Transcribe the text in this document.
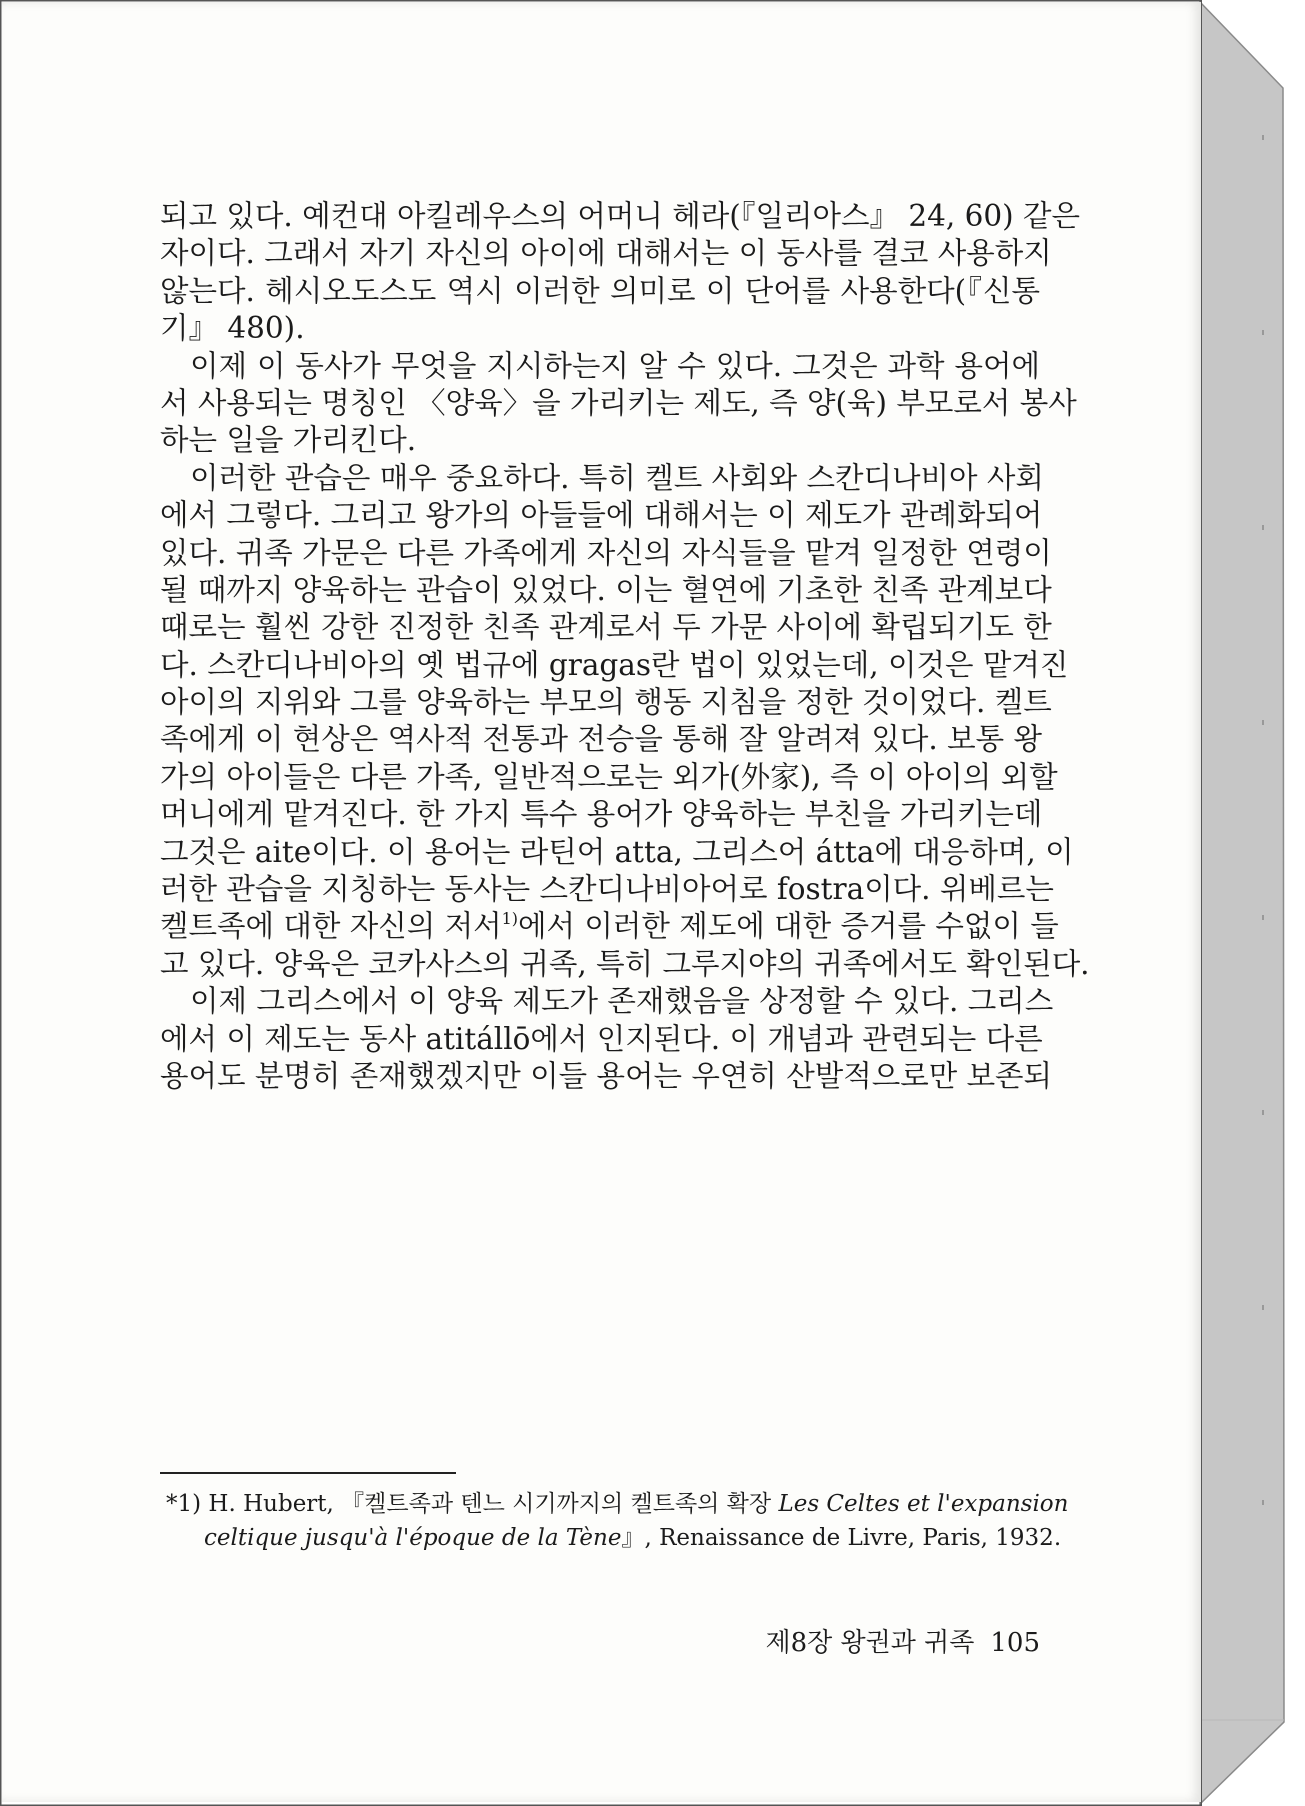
되고 있다. 예컨대 아킬레우스의 어머니 헤라(『일리아스』 24, 60) 같은
자이다. 그래서 자기 자신의 아이에 대해서는 이 동사를 결코 사용하지
않는다. 헤시오도스도 역시 이러한 의미로 이 단어를 사용한다(『신통
기』 480).
이제 이 동사가 무엇을 지시하는지 알 수 있다. 그것은 과학 용어에
서 사용되는 명칭인 〈양육〉을 가리키는 제도, 즉 양(육) 부모로서 봉사
하는 일을 가리킨다.
이러한 관습은 매우 중요하다. 특히 켈트 사회와 스칸디나비아 사회
에서 그렇다. 그리고 왕가의 아들들에 대해서는 이 제도가 관례화되어
있다. 귀족 가문은 다른 가족에게 자신의 자식들을 맡겨 일정한 연령이
될 때까지 양육하는 관습이 있었다. 이는 혈연에 기초한 친족 관계보다
때로는 훨씬 강한 진정한 친족 관계로서 두 가문 사이에 확립되기도 한
다. 스칸디나비아의 옛 법규에 gragas란 법이 있었는데, 이것은 맡겨진
아이의 지위와 그를 양육하는 부모의 행동 지침을 정한 것이었다. 켈트
족에게 이 현상은 역사적 전통과 전승을 통해 잘 알려져 있다. 보통 왕
가의 아이들은 다른 가족, 일반적으로는 외가(外家), 즉 이 아이의 외할
머니에게 맡겨진다. 한 가지 특수 용어가 양육하는 부친을 가리키는데
그것은 aite이다. 이 용어는 라틴어 atta, 그리스어 átta에 대응하며, 이
러한 관습을 지칭하는 동사는 스칸디나비아어로 fostra이다. 위베르는
켈트족에 대한 자신의 저서$^{1)}$에서 이러한 제도에 대한 증거를 수없이 들
고 있다. 양육은 코카사스의 귀족, 특히 그루지야의 귀족에서도 확인된다.
이제 그리스에서 이 양육 제도가 존재했음을 상정할 수 있다. 그리스
에서 이 제도는 동사 atitállō에서 인지된다. 이 개념과 관련되는 다른
용어도 분명히 존재했겠지만 이들 용어는 우연히 산발적으로만 보존되
*1) H. Hubert, 『켈트족과 텐느 시기까지의 켈트족의 확장 Les Celtes et l'expansion
celtique jusqu'à l'époque de la Tène』, Renaissance de Livre, Paris, 1932.
제8장 왕권과 귀족 105
